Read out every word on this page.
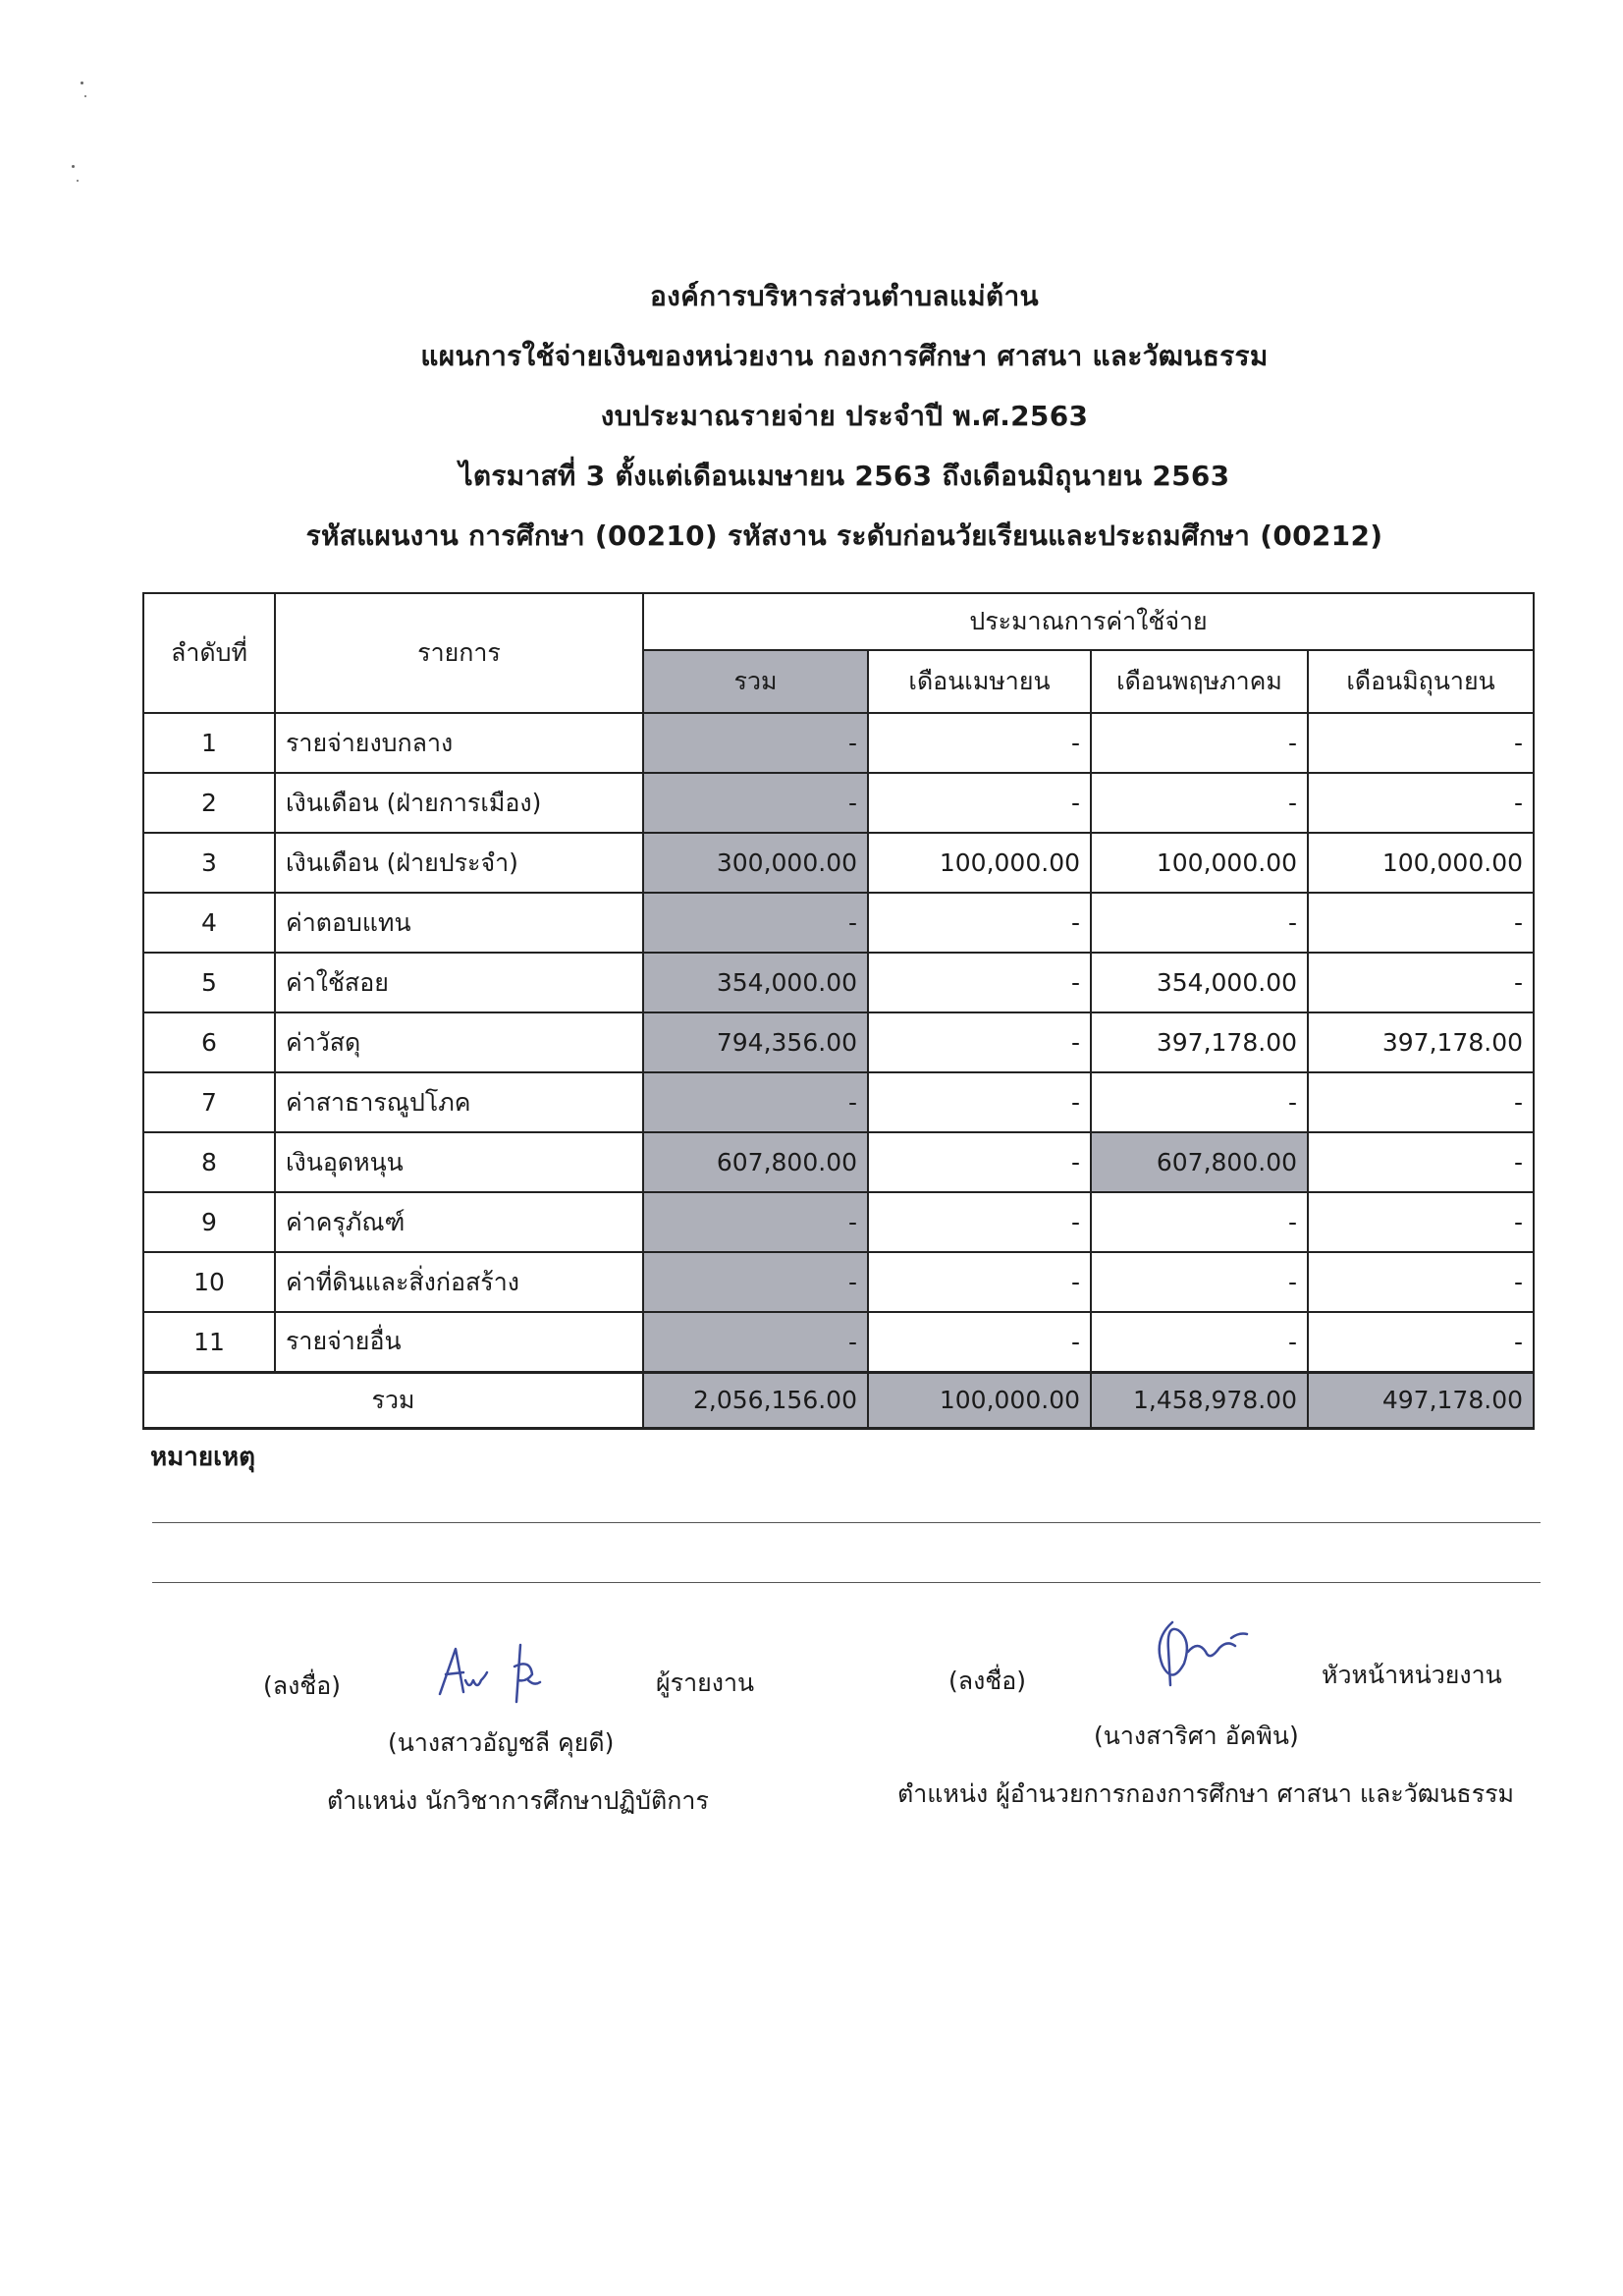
องค์การบริหารส่วนตำบลแม่ต้าน
แผนการใช้จ่ายเงินของหน่วยงาน กองการศึกษา ศาสนา และวัฒนธรรม
งบประมาณรายจ่าย ประจำปี พ.ศ.2563
ไตรมาสที่ 3 ตั้งแต่เดือนเมษายน 2563 ถึงเดือนมิถุนายน 2563
รหัสแผนงาน การศึกษา (00210) รหัสงาน ระดับก่อนวัยเรียนและประถมศึกษา (00212)
ลำดับที่	รายการ	ประมาณการค่าใช้จ่าย			
		รวม	เดือนเมษายน	เดือนพฤษภาคม	เดือนมิถุนายน
1	รายจ่ายงบกลาง	-	-	-	-
2	เงินเดือน (ฝ่ายการเมือง)	-	-	-	-
3	เงินเดือน (ฝ่ายประจำ)	300,000.00	100,000.00	100,000.00	100,000.00
4	ค่าตอบแทน	-	-	-	-
5	ค่าใช้สอย	354,000.00	-	354,000.00	-
6	ค่าวัสดุ	794,356.00	-	397,178.00	397,178.00
7	ค่าสาธารณูปโภค	-	-	-	-
8	เงินอุดหนุน	607,800.00	-	607,800.00	-
9	ค่าครุภัณฑ์	-	-	-	-
10	ค่าที่ดินและสิ่งก่อสร้าง	-	-	-	-
11	รายจ่ายอื่น	-	-	-	-
รวม		2,056,156.00	100,000.00	1,458,978.00	497,178.00
หมายเหตุ
(ลงชื่อ)	ผู้รายงาน
(นางสาวอัญชลี คุยดี)
ตำแหน่ง นักวิชาการศึกษาปฏิบัติการ
(ลงชื่อ)	หัวหน้าหน่วยงาน
(นางสาริศา อัคพิน)
ตำแหน่ง ผู้อำนวยการกองการศึกษา ศาสนา และวัฒนธรรม
